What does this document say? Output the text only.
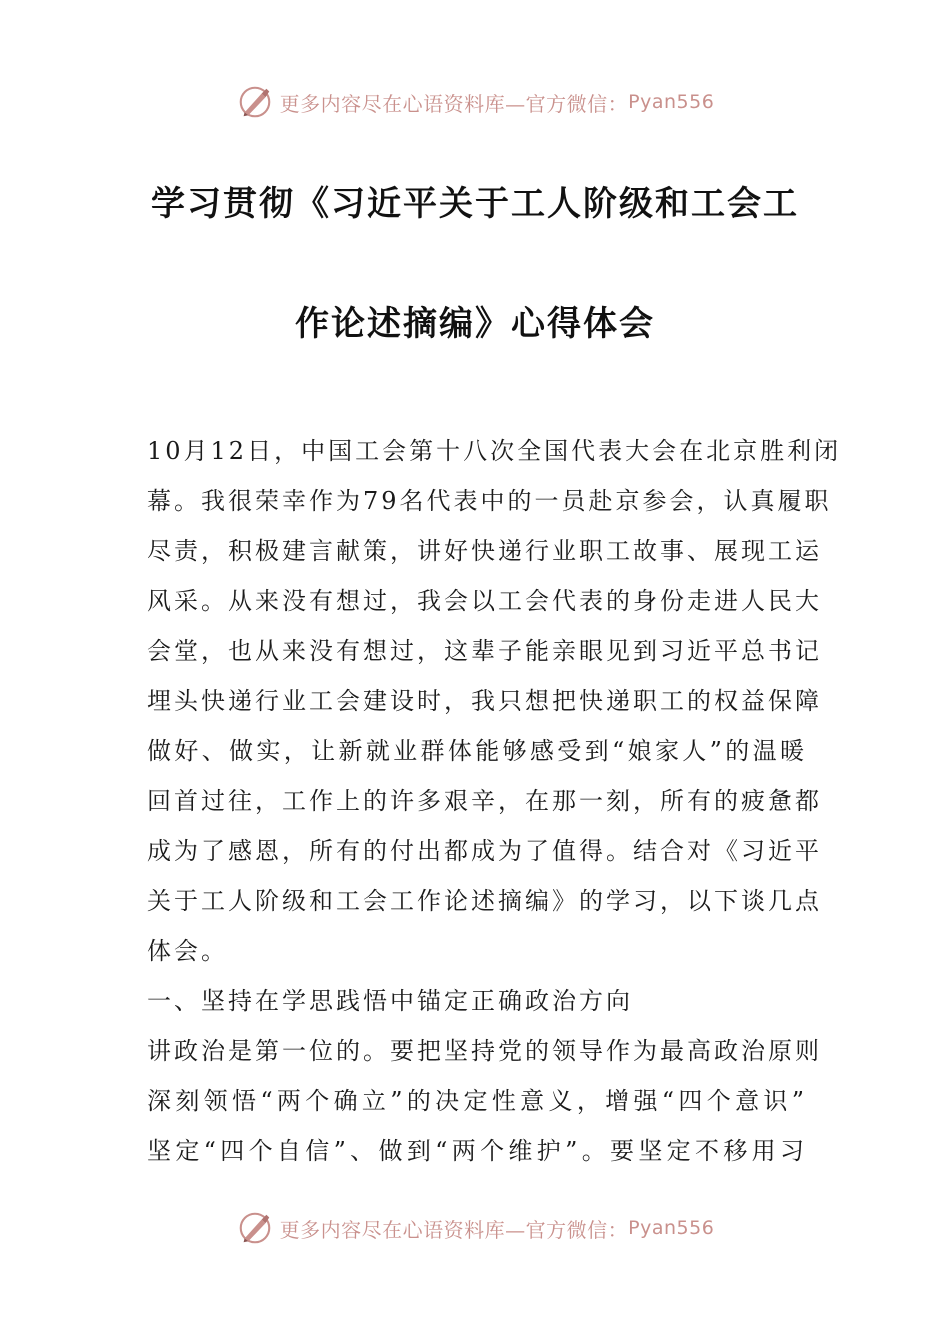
更多内容尽在心语资料库—官方微信： Pyan556
学习贯彻《习近平关于工人阶级和工会工
作论述摘编》心得体会
10月12日，中国工会第十八次全国代表大会在北京胜利闭
幕。我很荣幸作为79名代表中的一员赴京参会，认真履职
尽责，积极建言献策，讲好快递行业职工故事、展现工运
风采。从来没有想过，我会以工会代表的身份走进人民大
会堂，也从来没有想过，这辈子能亲眼见到习近平总书记
埋头快递行业工会建设时，我只想把快递职工的权益保障
做好、做实，让新就业群体能够感受到“娘家人”的温暖
回首过往，工作上的许多艰辛，在那一刻，所有的疲惫都
成为了感恩，所有的付出都成为了值得。结合对《习近平
关于工人阶级和工会工作论述摘编》的学习，以下谈几点
体会。
一、坚持在学思践悟中锚定正确政治方向
讲政治是第一位的。要把坚持党的领导作为最高政治原则
深刻领悟“两个确立”的决定性意义，增强“四个意识”
坚定“四个自信”、做到“两个维护”。要坚定不移用习
更多内容尽在心语资料库—官方微信： Pyan556
